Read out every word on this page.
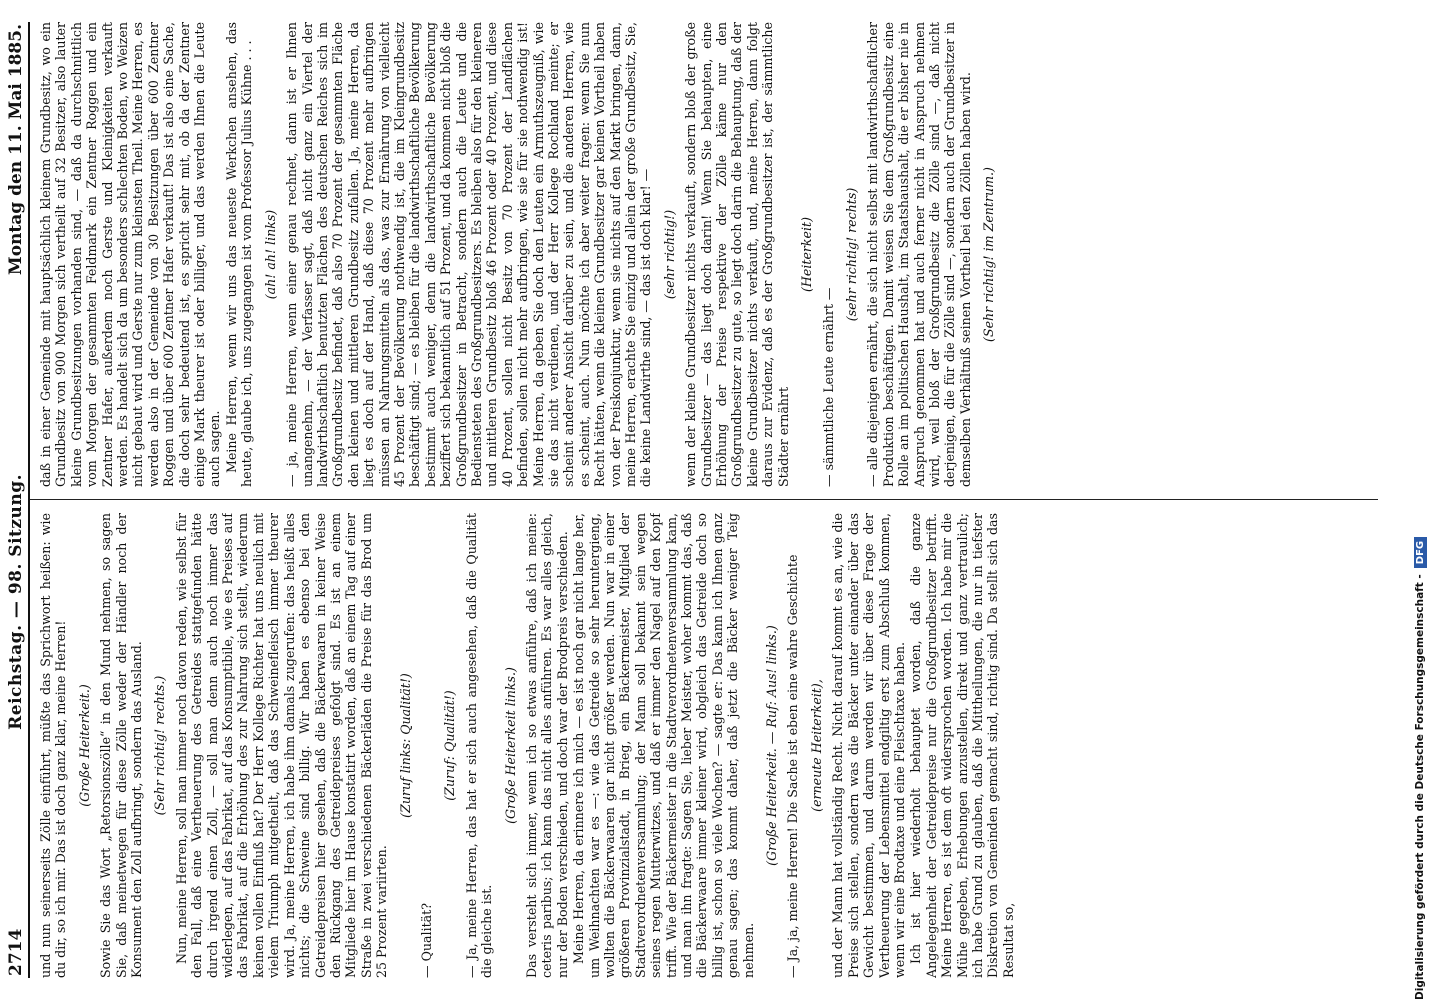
2714
Reichstag. — 98. Sitzung.
Montag den 11. Mai 1885.

und nun seinerseits Zölle einführt, müßte das Sprichwort heißen: wie du dir, so ich mir. Das ist doch ganz klar, meine Herren! (Große Heiterkeit.) Sowie Sie das Wort „Retorsionszölle“ in den Mund nehmen, so sagen Sie, daß meinetwegen für diese Zölle weder der Händler noch der Konsument den Zoll aufbringt, sondern das Ausland. (Sehr richtig! rechts.) Nun, meine Herren, soll man immer noch davon reden, wie selbst für den Fall, daß eine Vertheuerung des Getreides stattgefunden hätte durch irgend einen Zoll, — soll man denn auch noch immer das widerlegen, auf das Fabrikat, auf das Konsumptibile, wie es Preises auf das Fabrikat, auf die Erhöhung des zur Nahrung sich stellt, wiederum keinen vollen Einfluß hat? Der Herr Kollege Richter hat uns neulich mit vielem Triumph mitgetheilt, daß das Schweinefleisch immer theurer wird. Ja, meine Herren, ich habe ihm damals zugerufen: das heißt alles nichts; die Schweine sind billig. Wir haben es ebenso bei den Getreidepreisen hier gesehen, daß die Bäckerwaaren in keiner Weise den Rückgang des Getreidepreises gefolgt sind. Es ist an einem Mitgliede hier im Hause konstatirt worden, daß an einem Tag auf einer Straße in zwei verschiedenen Bäckerläden die Preise für das Brod um 25 Prozent variirten.

(Zuruf links: Qualität!)

— Qualität?

(Zuruf: Qualität!) — Ja, meine Herren, das hat er sich auch angesehen, daß die Qualität die gleiche ist.

(Große Heiterkeit links.) Das versteht sich immer, wenn ich so etwas anführe, daß ich meine: ceteris paribus; ich kann das nicht alles anführen. Es war alles gleich, nur der Boden verschieden, und doch war der Brodpreis verschieden. Meine Herren, da erinnere ich mich — es ist noch gar nicht lange her, um Weihnachten war es —: wie das Getreide so sehr heruntergieng, wollten die Bäckerwaaren gar nicht größer werden. Nun war in einer größeren Provinzialstadt, in Brieg, ein Bäckermeister, Mitglied der Stadtverordnetenversammlung; der Mann soll bekannt sein wegen seines regen Mutterwitzes, und daß er immer den Nagel auf den Kopf trifft. Wie der Bäckermeister in die Stadtverordnetenversammlung kam, und man ihn fragte: Sagen Sie, lieber Meister, woher kommt das, daß die Bäckerwaare immer kleiner wird, obgleich das Getreide doch so billig ist, schon so viele Wochen? — sagte er: Das kann ich Ihnen ganz genau sagen; das kommt daher, daß jetzt die Bäcker weniger Teig nehmen.

(Große Heiterkeit. — Ruf: Aus! links.) — Ja, ja, meine Herren! Die Sache ist eben eine wahre Geschichte (erneute Heiterkeit), und der Mann hat vollständig Recht. Nicht darauf kommt es an, wie die Preise sich stellen, sondern was die Bäcker unter einander über das Gewicht bestimmen, und darum werden wir über diese Frage der Vertheuerung der Lebensmittel endgiltig erst zum Abschluß kommen, wenn wir eine Brodtaxe und eine Fleischtaxe haben. Ich ist hier wiederholt behauptet worden, daß die ganze Angelegenheit der Getreidepreise nur die Großgrundbesitzer betrifft. Meine Herren, es ist dem oft widersprochen worden. Ich habe mir die Mühe gegeben, Erhebungen anzustellen, direkt und ganz vertraulich; ich habe Grund zu glauben, daß die Mittheilungen, die nur in tiefster Diskretion von Gemeinden gemacht sind, richtig sind. Da stellt sich das Resultat so,

daß in einer Gemeinde mit hauptsächlich kleinem Grundbesitz, wo ein Grundbesitz von 900 Morgen sich vertheilt auf 32 Besitzer, also lauter kleine Grundbesitzungen vorhanden sind, — daß da durchschnittlich vom Morgen der gesammten Feldmark ein Zentner Roggen und ein Zentner Hafer, außerdem noch Gerste und Kleinigkeiten verkauft werden. Es handelt sich da um besonders schlechten Boden, wo Weizen nicht gebaut wird und Gerste nur zum kleinsten Theil. Meine Herren, es werden also in der Gemeinde von 30 Besitzungen über 600 Zentner Roggen und über 600 Zentner Hafer verkauft! Das ist also eine Sache, die doch sehr bedeutend ist, es spricht sehr mit, ob da der Zentner einige Mark theurer ist oder billiger, und das werden Ihnen die Leute auch sagen. Meine Herren, wenn wir uns das neueste Werkchen ansehen, das heute, glaube ich, uns zugegangen ist vom Professor Julius Kühne . . . (ah! ah! links) — ja, meine Herren, wenn einer genau rechnet, dann ist er Ihnen unangenehm, — der Verfasser sagt, daß nicht ganz ein Viertel der landwirthschaftlich benutzten Flächen des deutschen Reiches sich im Großgrundbesitz befindet, daß also 70 Prozent der gesammten Fläche den kleinen und mittleren Grundbesitz zufallen. Ja, meine Herren, da liegt es doch auf der Hand, daß diese 70 Prozent mehr aufbringen müssen an Nahrungsmitteln als das, was zur Ernährung von vielleicht 45 Prozent der Bevölkerung nothwendig ist, die im Kleingrundbesitz beschäftigt sind; — es bleiben für die landwirthschaftliche Bevölkerung bestimmt auch weniger, denn die landwirthschaftliche Bevölkerung beziffert sich bekanntlich auf 51 Prozent, und da kommen nicht bloß die Großgrundbesitzer in Betracht, sondern auch die Leute und die Bediensteten des Großgrundbesitzers. Es bleiben also für den kleineren und mittleren Grundbesitz bloß 46 Prozent oder 40 Prozent, und diese 40 Prozent, sollen nicht Besitz von 70 Prozent der Landflächen befinden, sollen nicht mehr aufbringen, wie sie für sie nothwendig ist! Meine Herren, da geben Sie doch den Leuten ein Armuthszeugniß, wie sie das nicht verdienen, und der Herr Kollege Rochland meinte; er scheint anderer Ansicht darüber zu sein, und die anderen Herren, wie es scheint, auch. Nun möchte ich aber weiter fragen: wenn Sie nun Recht hätten, wenn die kleinen Grundbesitzer gar keinen Vortheil haben von der Preiskonjunktur, wenn sie nichts auf den Markt bringen, dann, meine Herren, erachte Sie einzig und allein der große Grundbesitz, Sie, die keine Landwirthe sind, — das ist doch klar! — (sehr richtig!) wenn der kleine Grundbesitzer nichts verkauft, sondern bloß der große Grundbesitzer — das liegt doch darin! Wenn Sie behaupten, eine Erhöhung der Preise respektive der Zölle käme nur den Großgrundbesitzer zu gute, so liegt doch darin die Behauptung, daß der kleine Grundbesitzer nichts verkauft, und, meine Herren, dann folgt daraus zur Evidenz, daß es der Großgrundbesitzer ist, der sämmtliche Städter ernährt

(Heiterkeit)

— sämmtliche Leute ernährt —

(sehr richtig! rechts) — alle diejenigen ernährt, die sich nicht selbst mit landwirthschaftlicher Produktion beschäftigen. Damit weisen Sie dem Großgrundbesitz eine Rolle an im politischen Haushalt, im Staatshaushalt, die er bisher nie in Anspruch genommen hat und auch ferner nicht in Anspruch nehmen wird, weil bloß der Großgrundbesitz die Zölle sind —, daß nicht derjenigen, die für die Zölle sind —, sondern auch der Grundbesitzer in demselben Verhältniß seinen Vortheil bei den Zöllen haben wird. (Sehr richtig! im Zentrum.)

Digitalisierung gefördert durch die Deutsche Forschungsgemeinschaft -
DFG
